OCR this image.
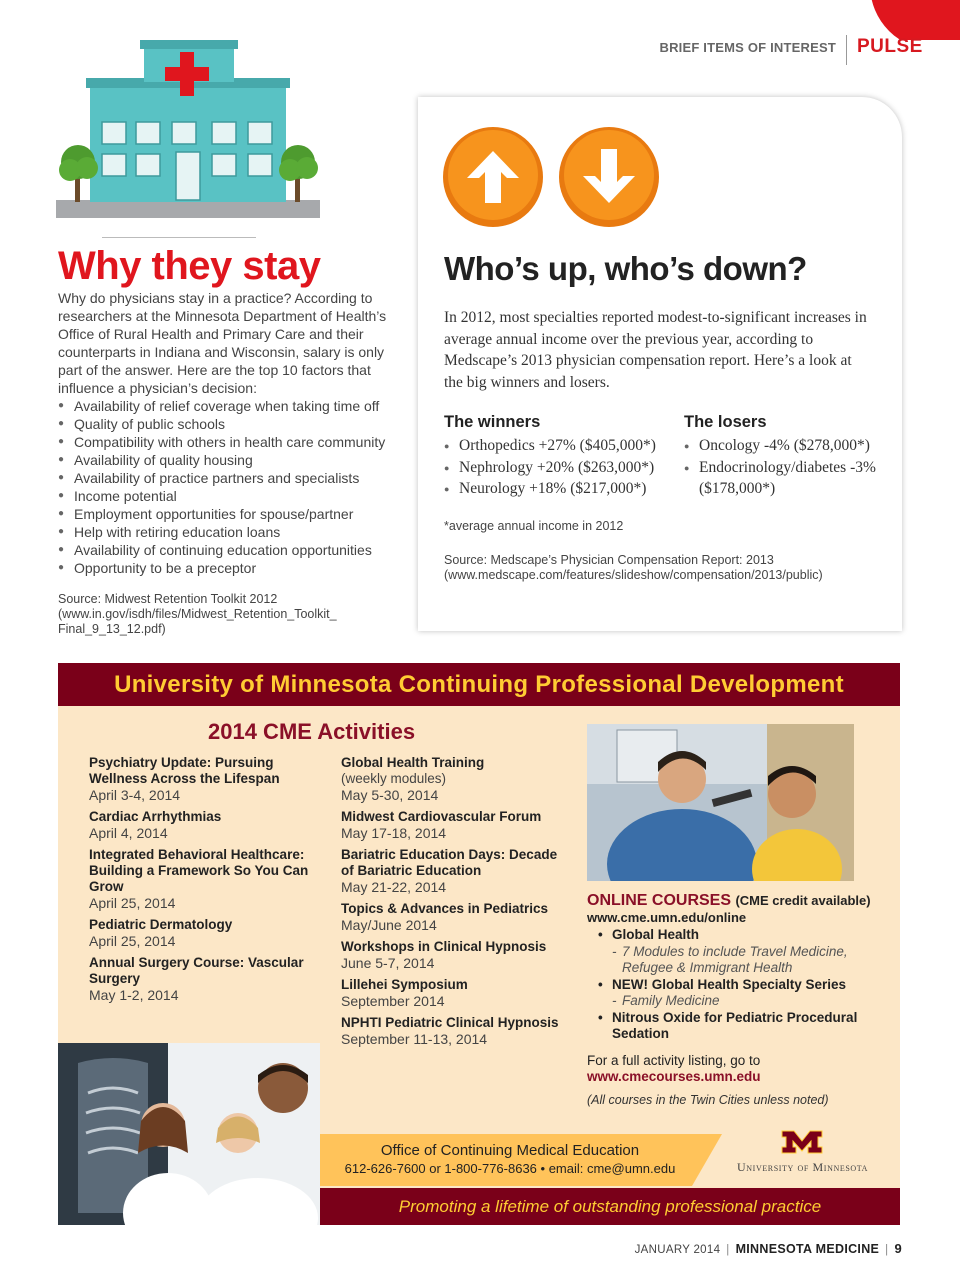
BRIEF ITEMS OF INTEREST PULSE
Why they stay

Why do physicians stay in a practice? According to researchers at the Minnesota Department of Health’s Office of Rural Health and Primary Care and their counterparts in Indiana and Wisconsin, salary is only part of the answer. Here are the top 10 factors that influence a physician’s decision:

● Availability of relief coverage when taking time off
● Quality of public schools
● Compatibility with others in health care community
● Availability of quality housing
● Availability of practice partners and specialists
● Income potential
● Employment opportunities for spouse/partner
● Help with retiring education loans
● Availability of continuing education opportunities
● Opportunity to be a preceptor
Source: Midwest Retention Toolkit 2012
(www.in.gov/isdh/files/Midwest_Retention_Toolkit_
Final_9_13_12.pdf)
Who’s up, who’s down?

In 2012, most specialties reported modest-to-significant increases in average annual income over the previous year, according to Medscape’s 2013 physician compensation report. Here’s a look at the big winners and losers.

The winners
● Orthopedics +27% ($405,000*)
● Nephrology +20% ($263,000*)
● Neurology +18% ($217,000*)
The losers
● Oncology -4% ($278,000*)
● Endocrinology/diabetes -3% ($178,000*)
*average annual income in 2012
Source: Medscape’s Physician Compensation Report: 2013
(www.medscape.com/features/slideshow/compensation/2013/public)
University of Minnesota Continuing Professional Development
2014 CME Activities
Psychiatry Update: Pursuing Wellness Across the Lifespan
April 3-4, 2014
Cardiac Arrhythmias
April 4, 2014
Integrated Behavioral Healthcare: Building a Framework So You Can Grow
April 25, 2014
Pediatric Dermatology
April 25, 2014
Annual Surgery Course: Vascular Surgery
May 1-2, 2014
Global Health Training
(weekly modules)
May 5-30, 2014
Midwest Cardiovascular Forum
May 17-18, 2014
Bariatric Education Days: Decade of Bariatric Education
May 21-22, 2014
Topics & Advances in Pediatrics
May/June 2014
Workshops in Clinical Hypnosis
June 5-7, 2014
Lillehei Symposium
September 2014
NPHTI Pediatric Clinical Hypnosis
September 11-13, 2014
ONLINE COURSES (CME credit available)
www.cme.umn.edu/online
• Global Health
- 7 Modules to include Travel Medicine, Refugee & Immigrant Health
• NEW! Global Health Specialty Series
- Family Medicine
• Nitrous Oxide for Pediatric Procedural Sedation
For a full activity listing, go to
www.cmecourses.umn.edu
(All courses in the Twin Cities unless noted)
Office of Continuing Medical Education
612-626-7600 or 1-800-776-8636 • email: cme@umn.edu	University of Minnesota
Promoting a lifetime of outstanding professional practice
JANUARY 2014 | MINNESOTA MEDICINE | 9
